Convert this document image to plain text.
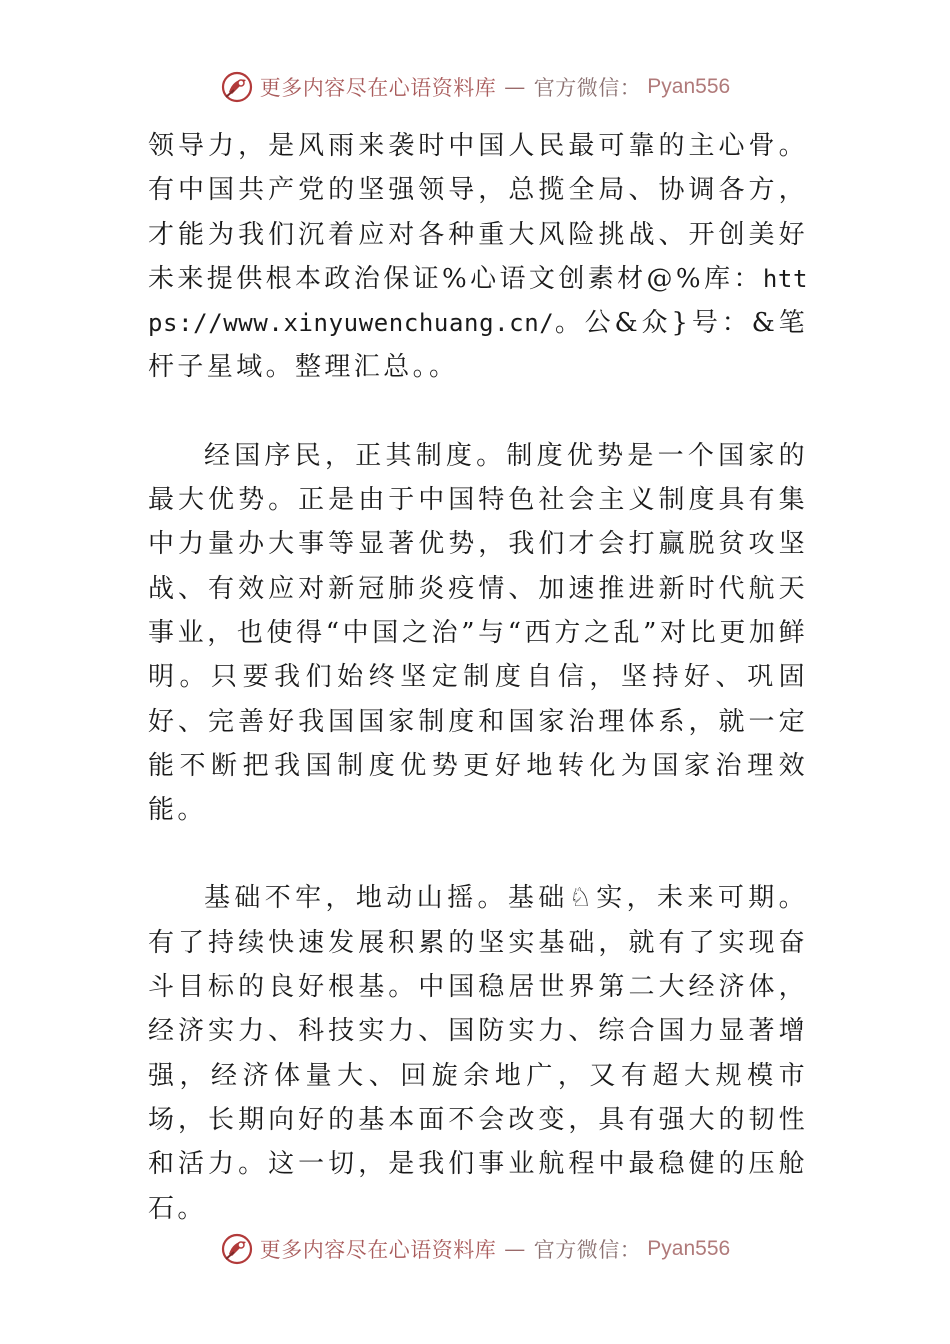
更多内容尽在心语资料库 — 官方微信： Pyan556

领导力，是风雨来袭时中国人民最可靠的主心骨。有中国共产党的坚强领导，总揽全局、协调各方，才能为我们沉着应对各种重大风险挑战、开创美好未来提供根本政治保证%心语文创素材@%库：https://www.xinyuwenchuang.cn/。公&众}号：&笔杆子星域。整理汇总。。

经国序民，正其制度。制度优势是一个国家的最大优势。正是由于中国特色社会主义制度具有集中力量办大事等显著优势，我们才会打赢脱贫攻坚战、有效应对新冠肺炎疫情、加速推进新时代航天事业，也使得“中国之治”与“西方之乱”对比更加鲜明。只要我们始终坚定制度自信，坚持好、巩固好、完善好我国国家制度和国家治理体系，就一定能不断把我国制度优势更好地转化为国家治理效能。

基础不牢，地动山摇。基础♘实，未来可期。有了持续快速发展积累的坚实基础，就有了实现奋斗目标的良好根基。中国稳居世界第二大经济体，经济实力、科技实力、国防实力、综合国力显著增强，经济体量大、回旋余地广，又有超大规模市场，长期向好的基本面不会改变，具有强大的韧性和活力。这一切，是我们事业航程中最稳健的压舱石。

更多内容尽在心语资料库 — 官方微信： Pyan556
